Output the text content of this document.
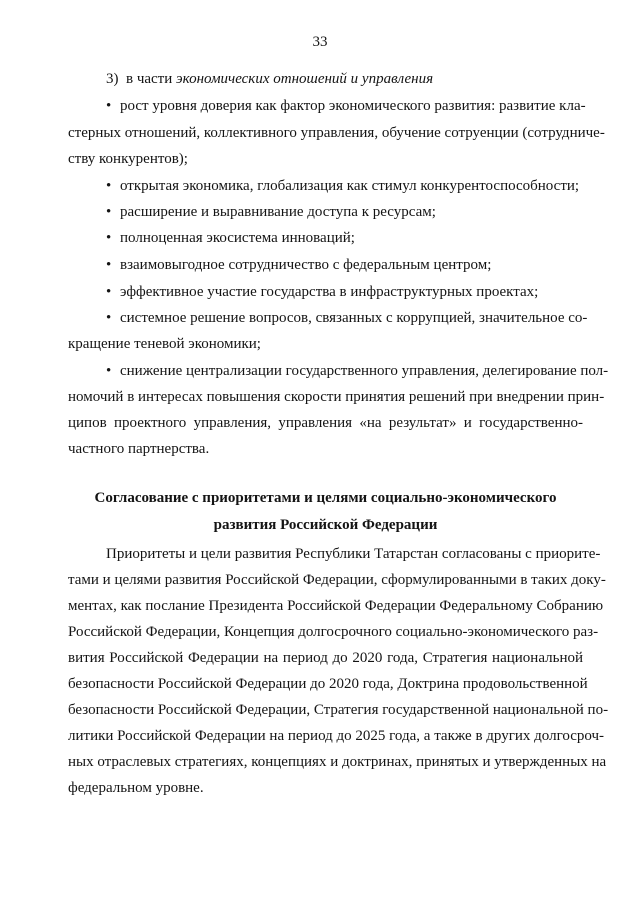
33
3)  в части экономических отношений и управления
• рост уровня доверия как фактор экономического развития: развитие кла-
стерных отношений, коллективного управления, обучение сотруенции (сотрудниче-
ству конкурентов);
• открытая экономика, глобализация как стимул конкурентоспособности;
• расширение и выравнивание доступа к ресурсам;
• полноценная экосистема инноваций;
• взаимовыгодное сотрудничество с федеральным центром;
• эффективное участие государства в инфраструктурных проектах;
• системное решение вопросов, связанных с коррупцией, значительное со-
кращение теневой экономики;
• снижение централизации государственного управления, делегирование пол-
номочий в интересах повышения скорости принятия решений при внедрении прин-
ципов проектного управления, управления «на результат» и государственно-
частного партнерства.
Согласование с приоритетами и целями социально-экономического
развития Российской Федерации
Приоритеты и цели развития Республики Татарстан согласованы с приорите-
тами и целями развития Российской Федерации, сформулированными в таких доку-
ментах, как послание Президента Российской Федерации Федеральному Собранию
Российской Федерации, Концепция долгосрочного социально-экономического раз-
вития Российской Федерации на период до 2020 года, Стратегия национальной
безопасности Российской Федерации до 2020 года, Доктрина продовольственной
безопасности Российской Федерации, Стратегия государственной национальной по-
литики Российской Федерации на период до 2025 года, а также в других долгосроч-
ных отраслевых стратегиях, концепциях и доктринах, принятых и утвержденных на
федеральном уровне.
